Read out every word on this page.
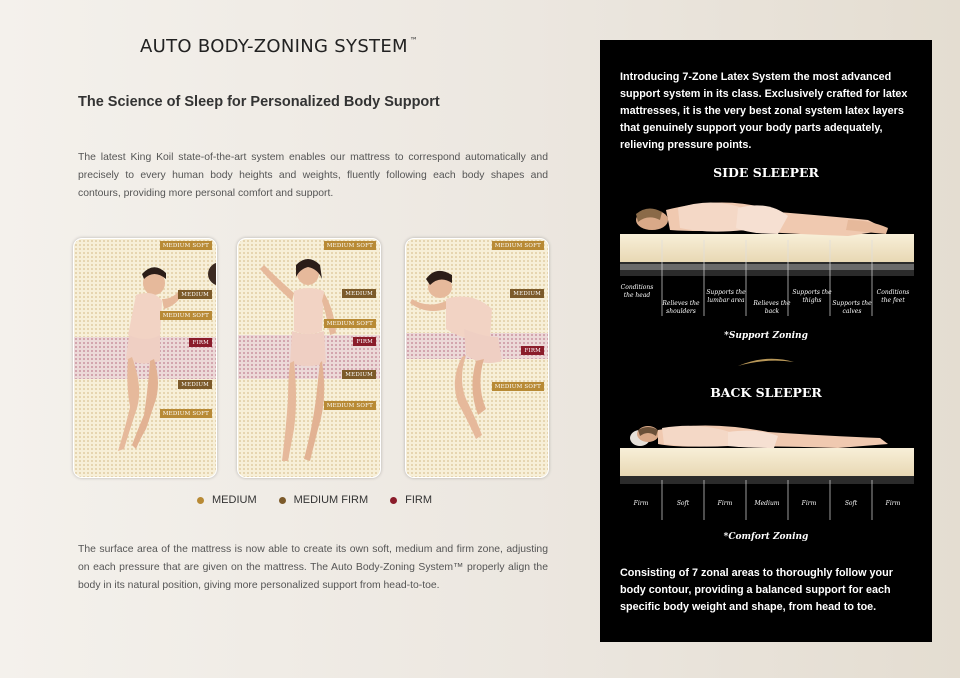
AUTO BODY-ZONING SYSTEM ™
The Science of Sleep for Personalized Body Support
The latest King Koil state-of-the-art system enables our mattress to correspond automatically and precisely to every human body heights and weights, fluently following each body shapes and contours, providing more personal comfort and support.
MEDIUM SOFT
MEDIUM
MEDIUM SOFT
FIRM
MEDIUM
MEDIUM SOFT
MEDIUM SOFT
MEDIUM
MEDIUM SOFT
FIRM
MEDIUM
MEDIUM SOFT
MEDIUM SOFT
MEDIUM
FIRM
MEDIUM SOFT
MEDIUM	MEDIUM FIRM	FIRM
The surface area of the mattress is now able to create its own soft, medium and firm zone, adjusting on each pressure that are given on the mattress. The Auto Body-Zoning System™ properly align the body in its natural position, giving more personalized support from head-to-toe.
Introducing 7-Zone Latex System the most advanced support system in its class. Exclusively crafted for latex mattresses, it is the very best zonal system latex layers that genuinely support your body parts adequately, relieving pressure points.
SIDE SLEEPER
Conditions the head
Relieves the shoulders
Supports the lumbar area	Relieves the back
Supports the thighs	Supports the calves
Conditions the feet
*Support Zoning
BACK SLEEPER
Firm	Soft	Firm	Medium	Firm	Soft	Firm
*Comfort Zoning
Consisting of 7 zonal areas to thoroughly follow your body contour, providing a balanced support for each specific body weight and shape, from head to toe.
